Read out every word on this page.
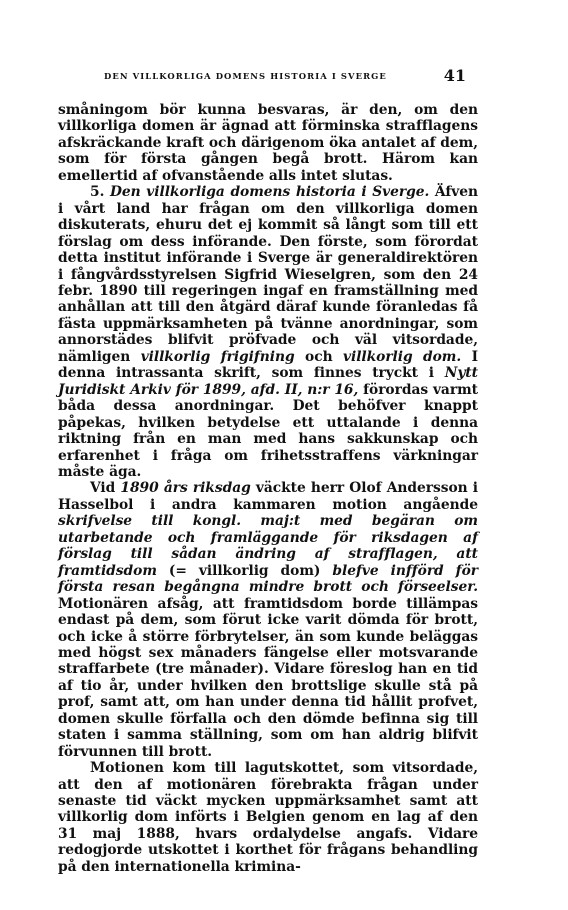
DEN VILLKORLIGA DOMENS HISTORIA I SVERGE	41

småningom bör kunna besvaras, är den, om den villkorliga domen är ägnad att förminska strafflagens afskräckande kraft och därigenom öka antalet af dem, som för första gången begå brott. Härom kan emellertid af ofvanstående alls intet slutas.

5. Den villkorliga domens historia i Sverge. Äfven i vårt land har frågan om den villkorliga domen diskuterats, ehuru det ej kommit så långt som till ett förslag om dess införande. Den förste, som förordat detta institut införande i Sverge är generaldirektören i fångvårdsstyrelsen Sigfrid Wieselgren, som den 24 febr. 1890 till regeringen ingaf en framställning med anhållan att till den åtgärd däraf kunde föranledas få fästa uppmärksamheten på tvänne anordningar, som annorstädes blifvit pröfvade och väl vitsordade, nämligen villkorlig frigifning och villkorlig dom. I denna intrassanta skrift, som finnes tryckt i Nytt Juridiskt Arkiv för 1899, afd. II, n:r 16, förordas varmt båda dessa anordningar. Det behöfver knappt påpekas, hvilken betydelse ett uttalande i denna riktning från en man med hans sakkunskap och erfarenhet i fråga om frihetsstraffens värkningar måste äga.

Vid 1890 års riksdag väckte herr Olof Andersson i Hasselbol i andra kammaren motion angående skrifvelse till kongl. maj:t med begäran om utarbetande och framläggande för riksdagen af förslag till sådan ändring af strafflagen, att framtidsdom (= villkorlig dom) blefve infförd för första resan begångna mindre brott och förseelser. Motionären afsåg, att framtidsdom borde tillämpas endast på dem, som förut icke varit dömda för brott, och icke å större förbrytelser, än som kunde beläggas med högst sex månaders fängelse eller motsvarande straffarbete (tre månader). Vidare föreslog han en tid af tio år, under hvilken den brottslige skulle stå på prof, samt att, om han under denna tid hållit profvet, domen skulle förfalla och den dömde befinna sig till staten i samma ställning, som om han aldrig blifvit förvunnen till brott.

Motionen kom till lagutskottet, som vitsordade, att den af motionären förebrakta frågan under senaste tid väckt mycken uppmärksamhet samt att villkorlig dom införts i Belgien genom en lag af den 31 maj 1888, hvars ordalydelse angafs. Vidare redogjorde utskottet i korthet för frågans behandling på den internationella krimina-
